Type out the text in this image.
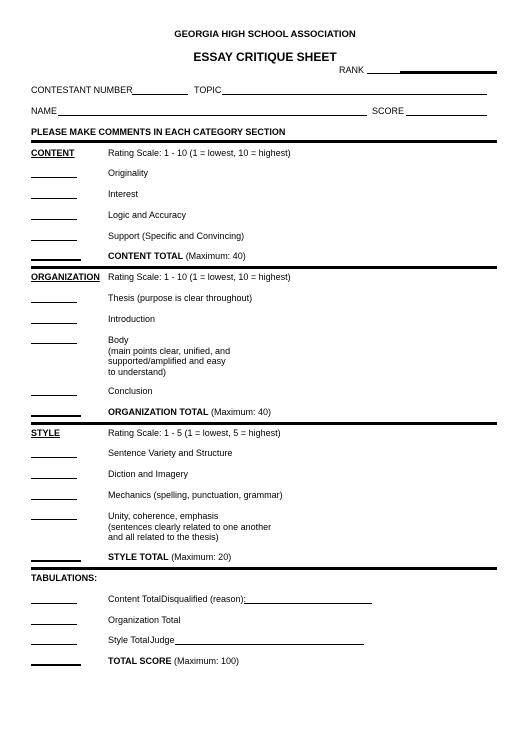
GEORGIA HIGH SCHOOL ASSOCIATION
ESSAY CRITIQUE SHEET
RANK
CONTESTANT NUMBER	TOPIC
NAME	SCORE
PLEASE MAKE COMMENTS IN EACH CATEGORY SECTION
CONTENT	Rating Scale: 1 - 10 (1 = lowest, 10 = highest)
Originality
Interest
Logic and Accuracy
Support (Specific and Convincing)
CONTENT TOTAL (Maximum: 40)
ORGANIZATION Rating Scale: 1 - 10 (1 = lowest, 10 = highest)
Thesis (purpose is clear throughout)
Introduction
Body
(main points clear, unified, and
supported/amplified and easy
to understand)
Conclusion
ORGANIZATION TOTAL (Maximum: 40)
STYLE	Rating Scale: 1 - 5 (1 = lowest, 5 = highest)
Sentence Variety and Structure
Diction and Imagery
Mechanics (spelling, punctuation, grammar)
Unity, coherence, emphasis
(sentences clearly related to one another
and all related to the thesis)
STYLE TOTAL (Maximum: 20)
TABULATIONS:
Content Total Disqualified (reason):
Organization Total
Style Total Judge
TOTAL SCORE (Maximum: 100)
